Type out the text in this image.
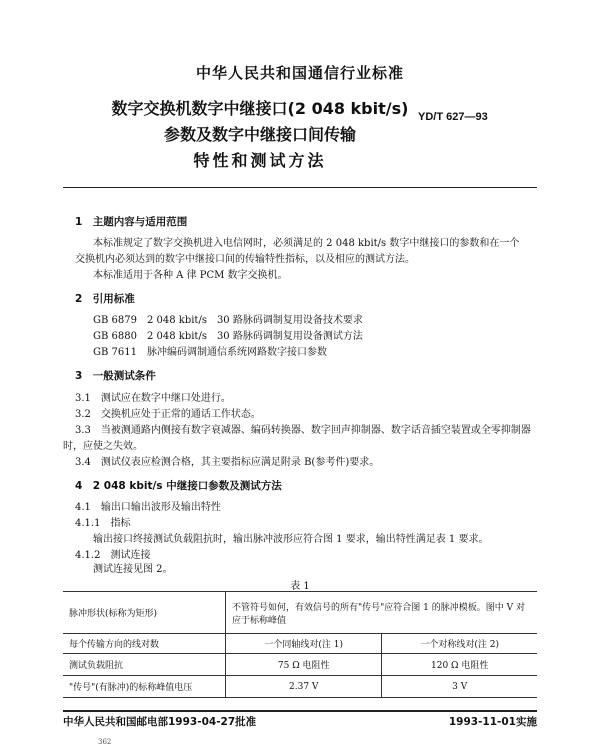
中华人民共和国通信行业标准
YD/T 627—93
数字交换机数字中继接口(2 048 kbit/s)
参数及数字中继接口间传输
特性和测试方法
1　主题内容与适用范围
本标准规定了数字交换机进入电信网时，必须满足的 2 048 kbit/s 数字中继接口的参数和在一个
交换机内必须达到的数字中继接口间的传输特性指标，以及相应的测试方法。
本标准适用于各种 A 律 PCM 数字交换机。
2　引用标准
GB 6879　2 048 kbit/s　30 路脉码调制复用设备技术要求
GB 6880　2 048 kbit/s　30 路脉码调制复用设备测试方法
GB 7611　脉冲编码调制通信系统网路数字接口参数
3　一般测试条件
3.1　测试应在数字中继口处进行。
3.2　交换机应处于正常的通话工作状态。
3.3　当被测通路内侧接有数字衰减器、编码转换器、数字回声抑制器、数字话音插空装置或全零抑制器
时，应使之失效。
3.4　测试仪表应检测合格，其主要指标应满足附录 B(参考件)要求。
4　2 048 kbit/s 中继接口参数及测试方法
4.1　输出口输出波形及输出特性
4.1.1　指标
输出接口终接测试负载阻抗时，输出脉冲波形应符合图 1 要求，输出特性满足表 1 要求。
4.1.2　测试连接
测试连接见图 2。
表 1
脉冲形状(标称为矩形)	不管符号如何，有效信号的所有"传号"应符合图 1 的脉冲模板。图中 V 对应于标称峰值	
每个传输方向的线对数	一个同轴线对(注 1)	一个对称线对(注 2)
测试负载阻抗	75 Ω 电阻性	120 Ω 电阻性
"传号"(有脉冲)的标称峰值电压	2.37 V	3 V
中华人民共和国邮电部1993-04-27批准	1993-11-01实施
362
